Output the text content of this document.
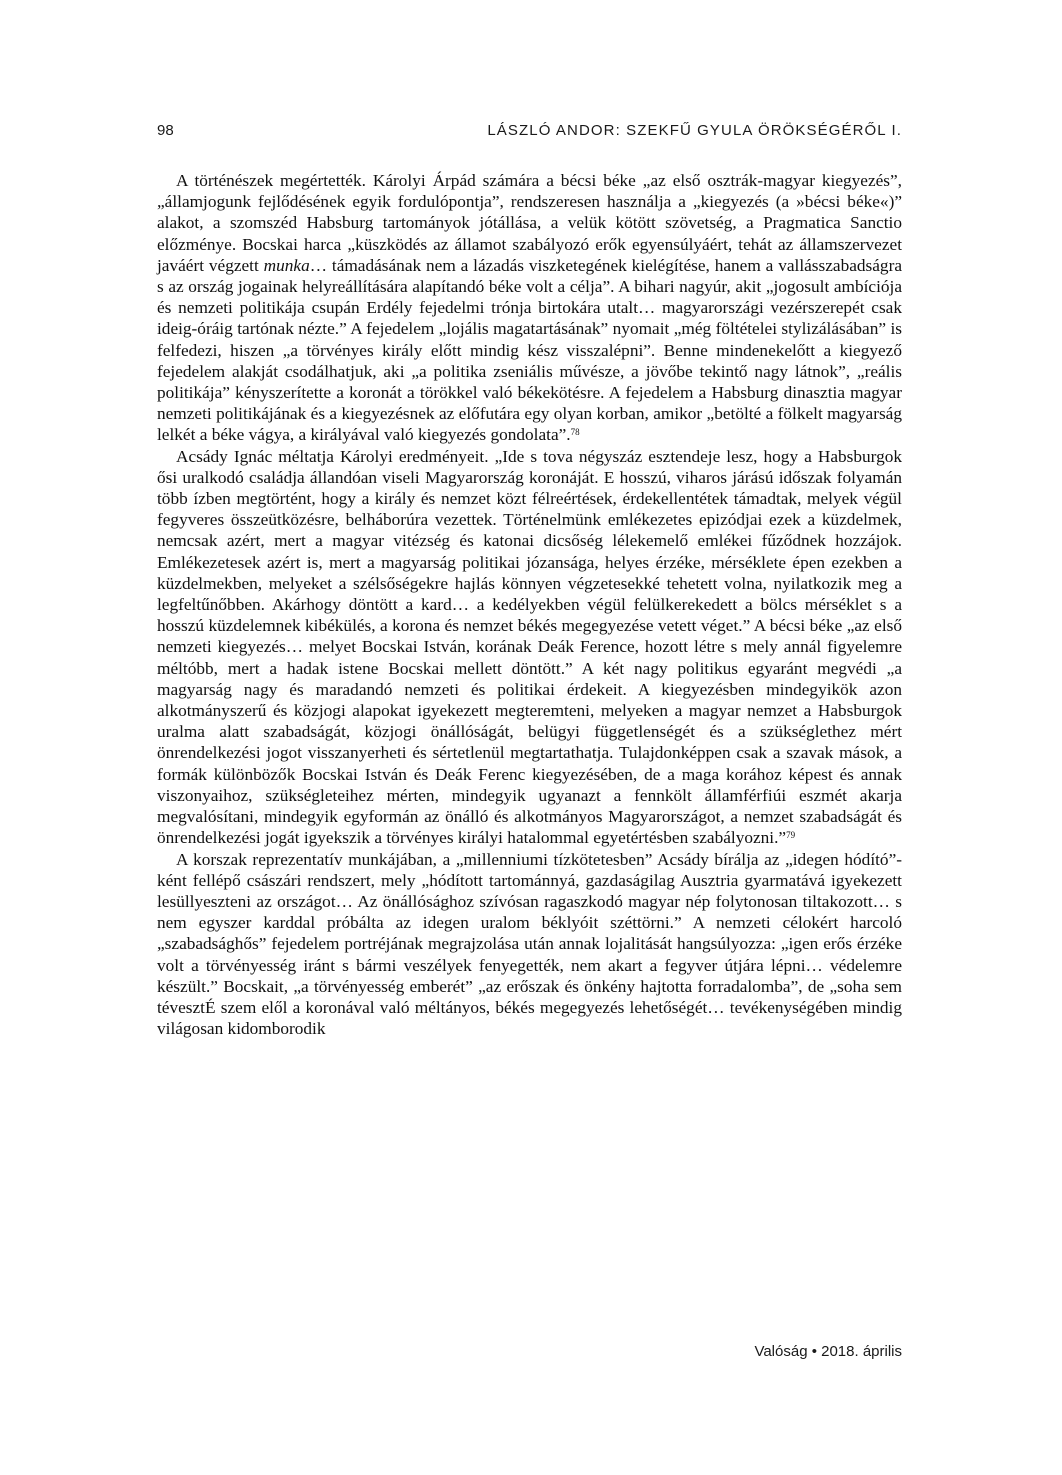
98	LÁSZLÓ ANDOR: SZEKFŰ GYULA ÖRÖKSÉGÉRŐL I.

A történészek megértették. Károlyi Árpád számára a bécsi béke „az első osztrák-magyar kiegyezés”, „államjogunk fejlődésének egyik fordulópontja”, rendszeresen használja a „kiegyezés (a »bécsi béke«)” alakot, a szomszéd Habsburg tartományok jótállása, a velük kötött szövetség, a Pragmatica Sanctio előzménye. Bocskai harca „küszködés az államot szabályozó erők egyensúlyáért, tehát az államszervezet javáért végzett munka… támadásának nem a lázadás viszketegének kielégítése, hanem a vallásszabadságra s az ország jogainak helyreállítására alapítandó béke volt a célja”. A bihari nagyúr, akit „jogosult ambíciója és nemzeti politikája csupán Erdély fejedelmi trónja birtokára utalt… magyarországi vezérszerepét csak ideig-óráig tartónak nézte.” A fejedelem „lojális magatartásának” nyomait „még föltételei stylizálásában” is felfedezi, hiszen „a törvényes király előtt mindig kész visszalépni”. Benne mindenekelőtt a kiegyező fejedelem alakját csodálhatjuk, aki „a politika zseniális művésze, a jövőbe tekintő nagy látnok”, „reális politikája” kényszerítette a koronát a törökkel való békekötésre. A fejedelem a Habsburg dinasztia magyar nemzeti politikájának és a kiegyezésnek az előfutára egy olyan korban, amikor „betölté a fölkelt magyarság lelkét a béke vágya, a királyával való kiegyezés gondolata”.$^{78}$

Acsády Ignác méltatja Károlyi eredményeit. „Ide s tova négyszáz esztendeje lesz, hogy a Habsburgok ősi uralkodó családja állandóan viseli Magyarország koronáját. E hosszú, viharos járású időszak folyamán több ízben megtörtént, hogy a király és nemzet közt félreértések, érdekellentétek támadtak, melyek végül fegyveres összeütközésre, belháborúra vezettek. Történelmünk emlékezetes epizódjai ezek a küzdelmek, nemcsak azért, mert a magyar vitézség és katonai dicsőség lélekemelő emlékei fűződnek hozzájok. Emlékezetesek azért is, mert a magyarság politikai józansága, helyes érzéke, mérséklete épen ezekben a küzdelmekben, melyeket a szélsőségekre hajlás könnyen végzetesekké tehetett volna, nyilatkozik meg a legfeltűnőbben. Akárhogy döntött a kard… a kedélyekben végül felülkerekedett a bölcs mérséklet s a hosszú küzdelemnek kibékülés, a korona és nemzet békés megegyezése vetett véget.” A bécsi béke „az első nemzeti kiegyezés… melyet Bocskai István, korának Deák Ference, hozott létre s mely annál figyelemre méltóbb, mert a hadak istene Bocskai mellett döntött.” A két nagy politikus egyaránt megvédi „a magyarság nagy és maradandó nemzeti és politikai érdekeit. A kiegyezésben mindegyikök azon alkotmányszerű és közjogi alapokat igyekezett megteremteni, melyeken a magyar nemzet a Habsburgok uralma alatt szabadságát, közjogi önállóságát, belügyi függetlenségét és a szükséglethez mért önrendelkezési jogot visszanyerheti és sértetlenül megtartathatja. Tulajdonképpen csak a szavak mások, a formák különbözők Bocskai István és Deák Ferenc kiegyezésében, de a maga korához képest és annak viszonyaihoz, szükségleteihez mérten, mindegyik ugyanazt a fennkölt államférfiúi eszmét akarja megvalósítani, mindegyik egyformán az önálló és alkotmányos Magyarországot, a nemzet szabadságát és önrendelkezési jogát igyekszik a törvényes királyi hatalommal egyetértésben szabályozni.”$^{79}$

A korszak reprezentatív munkájában, a „millenniumi tízkötetesben” Acsády bírálja az „idegen hódító”-ként fellépő császári rendszert, mely „hódított tartománnyá, gazdaságilag Ausztria gyarmatává igyekezett lesüllyeszteni az országot… Az önállósághoz szívósan ragaszkodó magyar nép folytonosan tiltakozott… s nem egyszer karddal próbálta az idegen uralom béklyóit széttörni.” A nemzeti célokért harcoló „szabadsághős” fejedelem portréjának megrajzolása után annak lojalitását hangsúlyozza: „igen erős érzéke volt a törvényesség iránt s bármi veszélyek fenyegették, nem akart a fegyver útjára lépni… védelemre készült.” Bocskait, „a törvényesség emberét” „az erőszak és önkény hajtotta forradalomba”, de „soha sem tévesztÉ szem elől a koronával való méltányos, békés megegyezés lehetőségét… tevékenységében mindig világosan kidomborodik

Valóság • 2018. április
